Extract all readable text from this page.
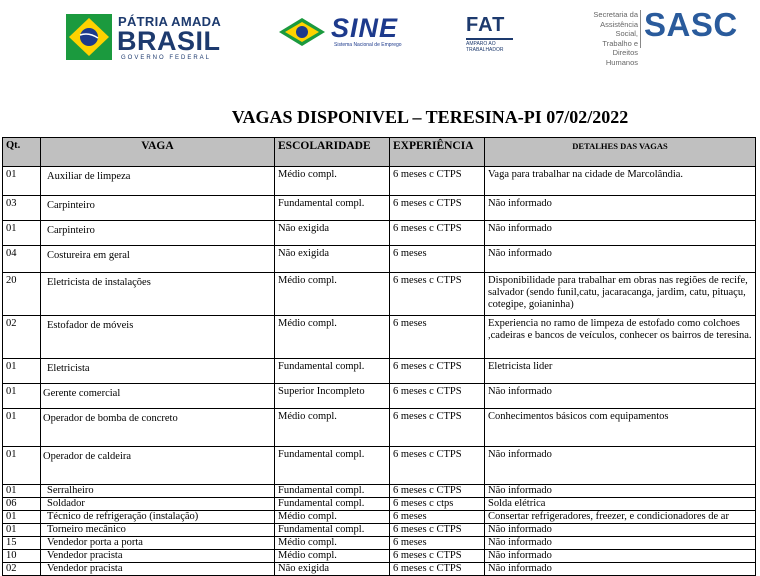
PÁTRIA AMADA
BRASIL
GOVERNO FEDERAL
SINE
Sistema Nacional de Emprego
FAT
AMPARO AO
TRABALHADOR
Secretaria da
Assistência Social,
Trabalho e
Direitos Humanos
SASC
VAGAS DISPONIVEL – TERESINA-PI 07/02/2022
Qt.	VAGA	ESCOLARIDADE	EXPERIÊNCIA	DETALHES DAS VAGAS
01	Auxiliar de limpeza	Médio compl.	6 meses c CTPS	Vaga para trabalhar na cidade de Marcolândia.
03	Carpinteiro	Fundamental compl.	6 meses c CTPS	Não informado
01	Carpinteiro	Não exigida	6 meses c CTPS	Não informado
04	Costureira em geral	Não exigida	6 meses	Não informado
20	Eletricista de instalações	Médio compl.	6 meses c CTPS	Disponibilidade para trabalhar em obras nas regiões de recife, salvador (sendo funil,catu, jacaracanga, jardim, catu, pituaçu, cotegipe, goianinha)
02	Estofador de móveis	Médio compl.	6 meses	Experiencia no ramo de limpeza de estofado como colchoes ,cadeiras e bancos de veículos, conhecer os bairros de teresina.
01	Eletricista	Fundamental compl.	6 meses c CTPS	Eletricista lider
01	Gerente comercial	Superior Incompleto	6 meses c CTPS	Não informado
01	Operador de bomba de concreto	Médio compl.	6 meses c CTPS	Conhecimentos básicos com equipamentos
01	Operador de caldeira	Fundamental compl.	6 meses c CTPS	Não informado
01	Serralheiro	Fundamental compl.	6 meses c CTPS	Não informado
06	Soldador	Fundamental compl.	6 meses c ctps	Solda elétrica
01	Técnico de refrigeração (instalação)	Médio compl.	6 meses	Consertar refrigeradores, freezer, e condicionadores de ar
01	Torneiro mecânico	Fundamental compl.	6 meses c CTPS	Não informado
15	Vendedor porta a porta	Médio compl.	6 meses	Não informado
10	Vendedor pracista	Médio compl.	6 meses c CTPS	Não informado
02	Vendedor pracista	Não exigida	6 meses c CTPS	Não informado
